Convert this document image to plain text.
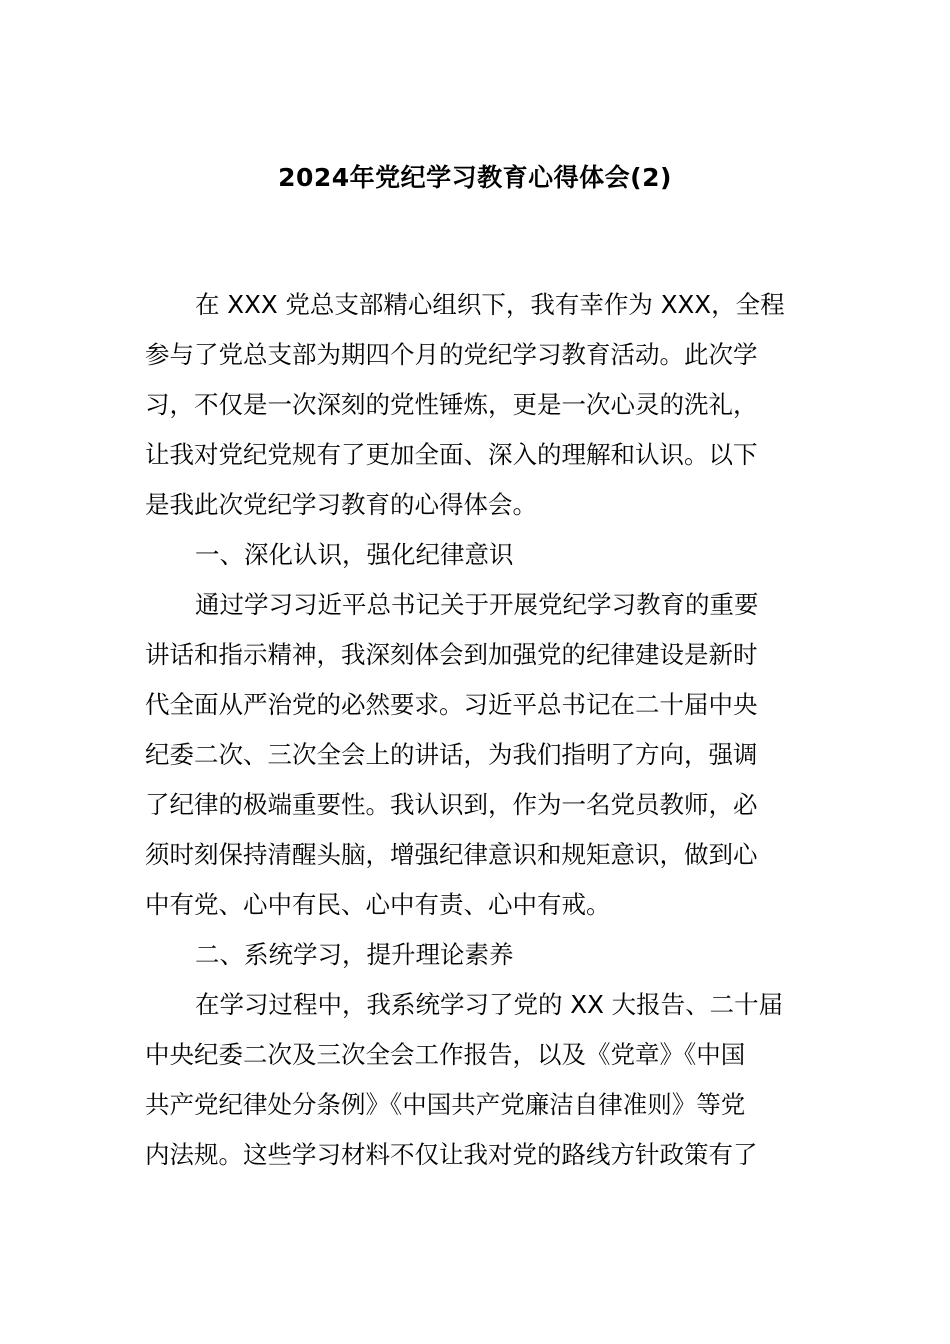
2024年党纪学习教育心得体会(2)
在 XXX 党总支部精心组织下，我有幸作为 XXX，全程
参与了党总支部为期四个月的党纪学习教育活动。此次学
习，不仅是一次深刻的党性锤炼，更是一次心灵的洗礼，
让我对党纪党规有了更加全面、深入的理解和认识。以下
是我此次党纪学习教育的心得体会。
一、深化认识，强化纪律意识
通过学习习近平总书记关于开展党纪学习教育的重要
讲话和指示精神，我深刻体会到加强党的纪律建设是新时
代全面从严治党的必然要求。习近平总书记在二十届中央
纪委二次、三次全会上的讲话，为我们指明了方向，强调
了纪律的极端重要性。我认识到，作为一名党员教师，必
须时刻保持清醒头脑，增强纪律意识和规矩意识，做到心
中有党、心中有民、心中有责、心中有戒。
二、系统学习，提升理论素养
在学习过程中，我系统学习了党的 XX 大报告、二十届
中央纪委二次及三次全会工作报告，以及《党章》《中国
共产党纪律处分条例》《中国共产党廉洁自律准则》等党
内法规。这些学习材料不仅让我对党的路线方针政策有了
